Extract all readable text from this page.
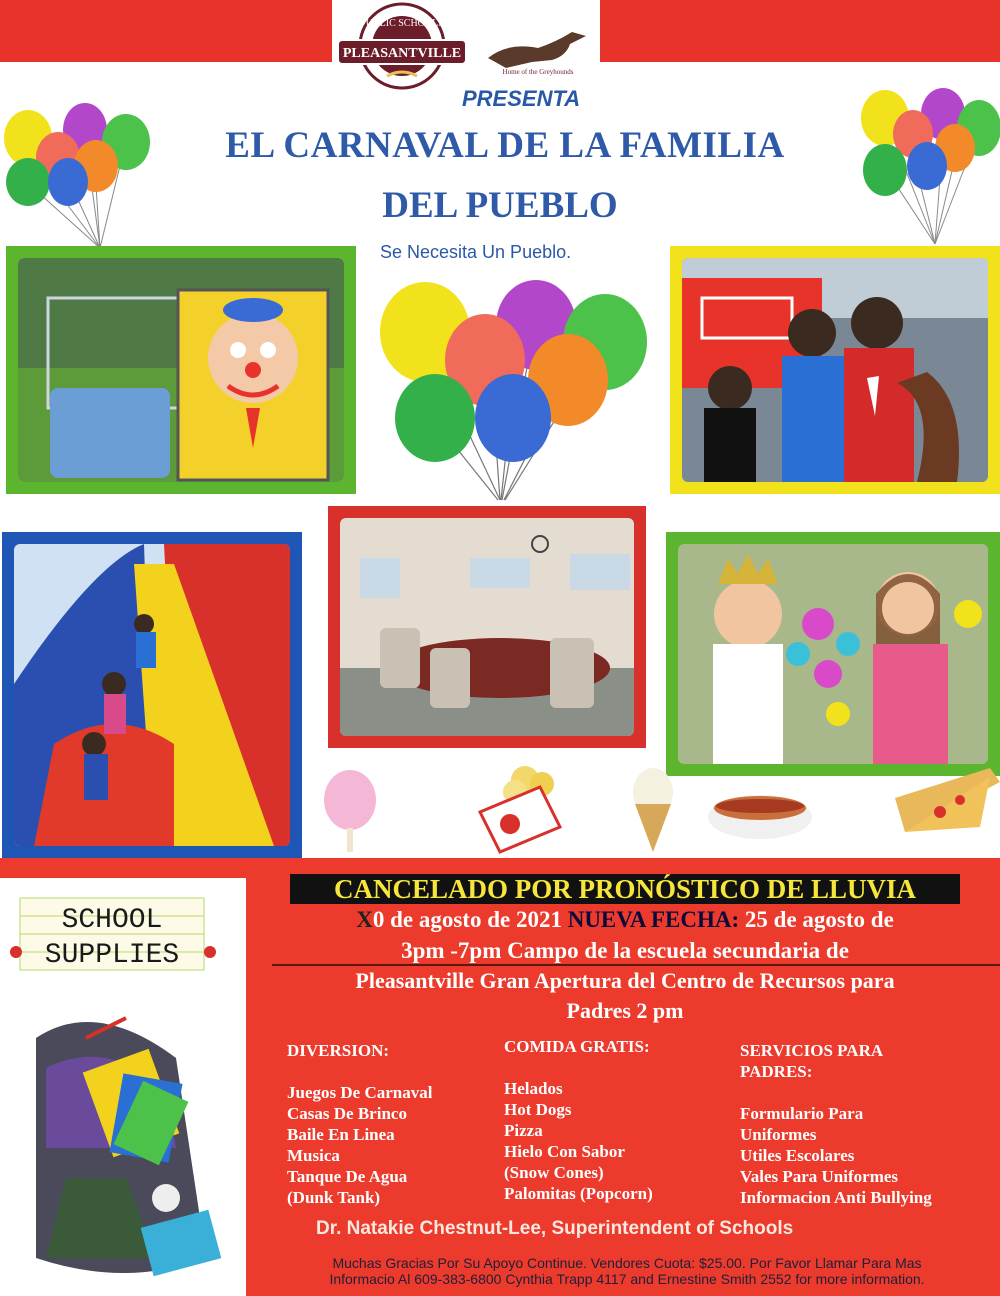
PLEASANTVILLE
PUBLIC SCHOOLS
Home of the Greyhounds
PRESENTA
EL CARNAVAL DE LA FAMILIA
DEL PUEBLO
Se Necesita Un Pueblo.
SCHOOL
SUPPLIES
CANCELADO POR PRONÓSTICO DE LLUVIA
X0 de agosto de 2021 NUEVA FECHA: 25 de agosto de
3pm -7pm Campo de la escuela secundaria de
Pleasantville Gran Apertura del Centro de Recursos para
Padres 2 pm
DIVERSION:
Juegos De Carnaval
Casas De Brinco
Baile En Linea
Musica
Tanque De Agua
(Dunk Tank)
COMIDA GRATIS:
Helados
Hot Dogs
Pizza
Hielo Con Sabor
(Snow Cones)
Palomitas (Popcorn)
SERVICIOS PARA
PADRES:
Formulario Para
Uniformes
Utiles Escolares
Vales Para Uniformes
Informacion Anti Bullying
Dr. Natakie Chestnut-Lee, Superintendent of Schools
Muchas Gracias Por Su Apoyo Continue. Vendores Cuota: $25.00. Por Favor Llamar Para Mas
Informacio Al 609-383-6800 Cynthia Trapp 4117 and Ernestine Smith 2552 for more information.
